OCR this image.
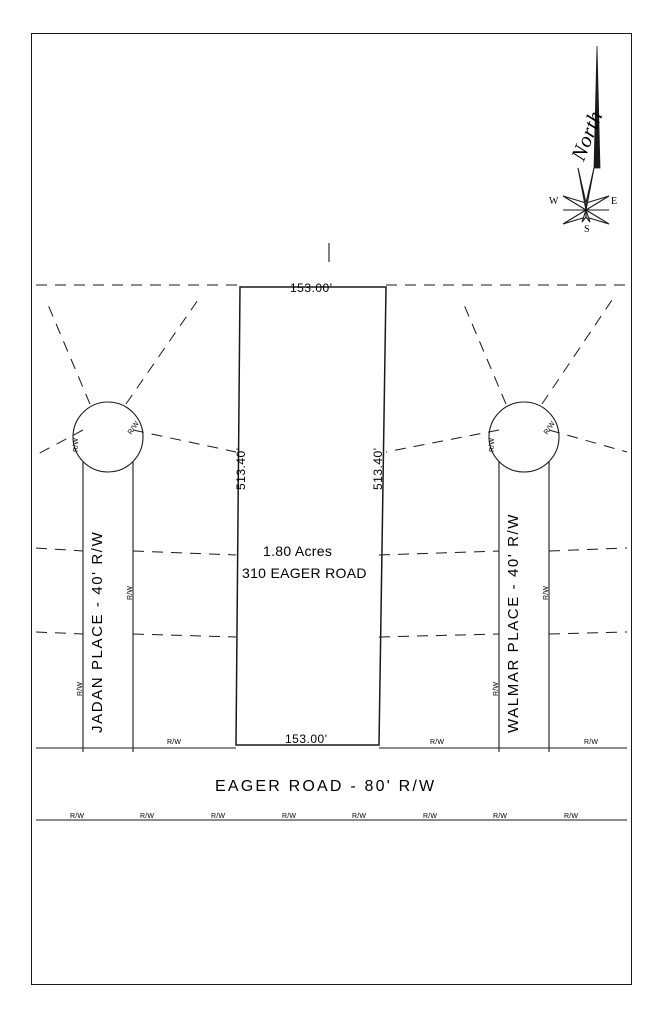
1.80 Acres
310 EAGER ROAD
153.00'
153.00'
513.40'	513.40'
JADAN PLACE - 40' R/W	WALMAR PLACE - 40' R/W
EAGER ROAD - 80' R/W
R/W
R/W
R/W
R/W
R/W
R/W
R/W
R/W
R/W
R/W	R/W
R/W	R/W	R/W	R/W	R/W	R/W	R/W	R/W
North
W	E
S
